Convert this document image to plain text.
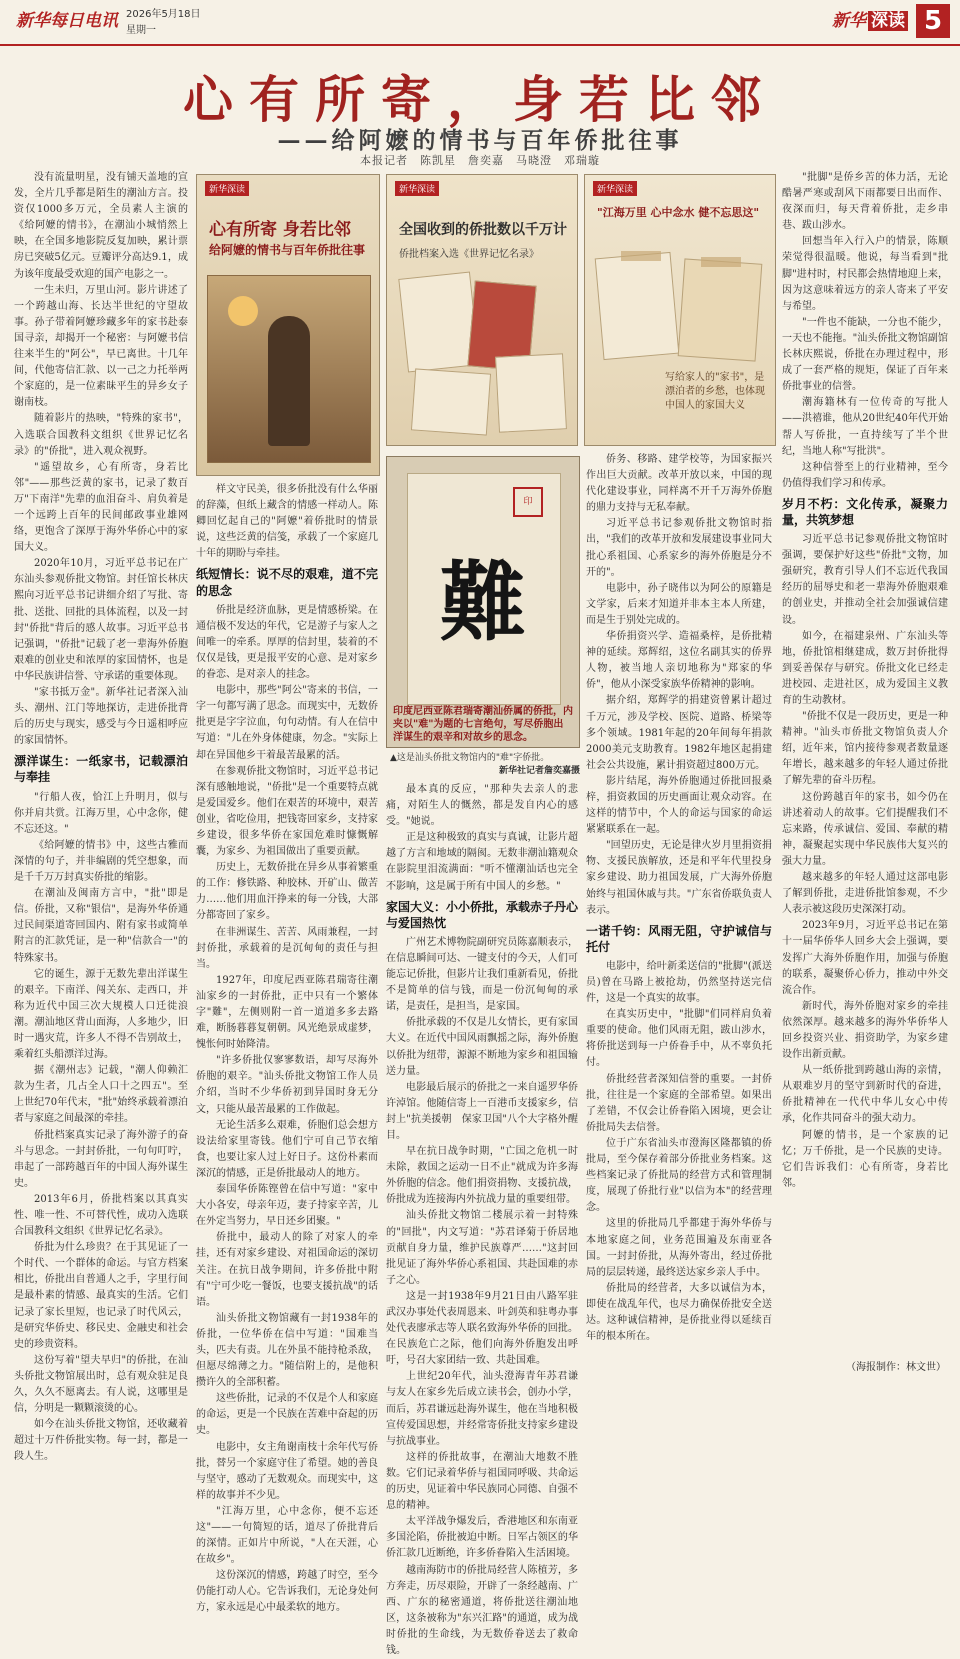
新华每日电讯 2026年5月18日
星期一	新华 深读 5
心有所寄，身若比邻
——给阿嬷的情书与百年侨批往事
本报记者　陈凯星　詹奕嘉　马晓澄　邓瑞璇

没有流量明星，没有铺天盖地的宣发，全片几乎都是陌生的潮汕方言。投资仅1000多万元，全员素人主演的《给阿嬷的情书》，在潮汕小城悄然上映，在全国多地影院反复加映，累计票房已突破5亿元。豆瓣评分高达9.1，成为该年度最受欢迎的国产电影之一。

一生未归，万里山河。影片讲述了一个跨越山海、长达半世纪的守望故事。孙子带着阿嬷珍藏多年的家书赴泰国寻亲，却揭开一个秘密：与阿嬷书信往来半生的"阿公"，早已离世。十几年间，代他寄信汇款、以一己之力托举两个家庭的，是一位素昧平生的异乡女子谢南枝。

随着影片的热映，"特殊的家书"，入选联合国教科文组织《世界记忆名录》的"侨批"，进入观众视野。

"遥望故乡，心有所寄，身若比邻"——那些泛黄的家书，记录了数百万"下南洋"先辈的血泪奋斗、肩负着是一个远跨上百年的民间邮政事业雄网络，更饱含了深厚于海外华侨心中的家国大义。

2020年10月，习近平总书记在广东汕头参观侨批文物馆。封任馆长林庆熙向习近平总书记讲细介绍了写批、寄批、送批、回批的具体流程，以及一封封"侨批"背后的感人故事。习近平总书记强调，"侨批"记载了老一辈海外侨胞艰难的创业史和浓厚的家国情怀，也是中华民族讲信誉、守承诺的重要体现。

"家书抵万金"。新华社记者深入汕头、潮州、江门等地探访，走进侨批背后的历史与现实，感受与今日遥相呼应的家国情怀。

漂洋谋生：一纸家书，记载漂泊与奉挂

"行船人夜，恰江上升明月，似与你并肩共赏。江海万里，心中念你，健不忘还这。"

《给阿嬷的情书》中，这些古雅而深情的句子，并非编剧的凭空想象，而是千千万万封真实侨批的缩影。

在潮汕及闽南方言中，"批"即是信。侨批，又称"银信"，是海外华侨通过民间渠道寄回国内、附有家书或简单附言的汇款凭证，是一种"信款合一"的特殊家书。

它的诞生，源于无数先辈出洋谋生的艰辛。下南洋、闯关东、走西口，并称为近代中国三次大规模人口迁徙浪潮。潮汕地区背山面海，人多地少，旧时一遇灾荒，许多人不得不告别故土，乘着红头船漂洋过海。

据《潮州志》记载，"潮人仰赖汇款为生者，几占全人口十之四五"。至上世纪70年代末，"批"始终承载着漂泊者与家庭之间最深的牵挂。

侨批档案真实记录了海外游子的奋斗与思念。一封封侨批，一句句叮咛，串起了一部跨越百年的中国人海外谋生史。

2013年6月，侨批档案以其真实性、唯一性、不可替代性，成功入选联合国教科文组织《世界记忆名录》。

侨批为什么珍贵？在于其见证了一个时代、一个群体的命运。与官方档案相比，侨批出自普通人之手，字里行间是最朴素的情感、最真实的生活。它们记录了家长里短，也记录了时代风云，是研究华侨史、移民史、金融史和社会史的珍贵资料。

这份写着"望夫早归"的侨批，在汕头侨批文物馆展出时，总有观众驻足良久，久久不愿离去。有人说，这哪里是信，分明是一颗颗滚烫的心。

如今在汕头侨批文物馆，还收藏着超过十万件侨批实物。每一封，都是一段人生。

新华深读
心有所寄 身若比邻
给阿嬷的情书与百年侨批往事

样文守民美，很多侨批没有什么华丽的辞藻，但纸上藏含的情感一样动人。陈卿回忆起自己的"阿嬷"着侨批时的情景说，这些泛黄的信笺，承载了一个家庭几十年的期盼与牵挂。

纸短情长：说不尽的艰难，道不完的思念

侨批是经济血脉，更是情感桥梁。在通信极不发达的年代，它是游子与家人之间唯一的牵系。厚厚的信封里，装着的不仅仅是钱，更是报平安的心意、是对家乡的眷恋、是对亲人的挂念。

电影中，那些"阿公"寄来的书信，一字一句都写满了思念。而现实中，无数侨批更是字字泣血，句句动情。有人在信中写道："儿在外身体健康，勿念。"实际上却在异国他乡干着最苦最累的活。

在参观侨批文物馆时，习近平总书记深有感触地说，"侨批"是一个重要特点就是爱国爱乡。他们在艰苦的环境中，艰苦创业，省吃俭用，把钱寄回家乡，支持家乡建设，很多华侨在家国危难时慷慨解囊，为家乡、为祖国做出了重要贡献。

历史上，无数侨批在异乡从事着繁重的工作：修铁路、种胶林、开矿山、做苦力……他们用血汗挣来的每一分钱，大部分都寄回了家乡。

在非洲谋生、苦苦、风雨兼程，一封封侨批，承载着的是沉甸甸的责任与担当。

1927年，印度尼西亚陈君瑞寄往潮汕家乡的一封侨批，正中只有一个繁体字"難"，左侧则附一首一道道多多去路难，断肠暮暮复朝朝。风光绝景成虚梦，愧怅何时始降清。

"许多侨批仅寥寥数语，却写尽海外侨胞的艰辛。"汕头侨批文物馆工作人员介绍，当时不少华侨初到异国时身无分文，只能从最苦最累的工作做起。

无论生活多么艰难，侨胞们总会想方设法给家里寄钱。他们宁可自己节衣缩食，也要让家人过上好日子。这份朴素而深沉的情感，正是侨批最动人的地方。

泰国华侨陈铿曾在信中写道："家中大小各安，母亲年迈，妻子持家辛苦，儿在外定当努力，早日还乡团聚。"

侨批中，最动人的除了对家人的牵挂，还有对家乡建设、对祖国命运的深切关注。在抗日战争期间，许多侨批中附有"宁可少吃一餐饭，也要支援抗战"的话语。

汕头侨批文物馆藏有一封1938年的侨批，一位华侨在信中写道："国难当头，匹夫有责。儿在外虽不能持枪杀敌，但愿尽绵薄之力。"随信附上的，是他积攒许久的全部积蓄。

这些侨批，记录的不仅是个人和家庭的命运，更是一个民族在苦难中奋起的历史。

电影中，女主角谢南枝十余年代写侨批，替另一个家庭守住了希望。她的善良与坚守，感动了无数观众。而现实中，这样的故事并不少见。

"江海万里，心中念你，便不忘还这"——一句简短的话，道尽了侨批背后的深情。正如片中所说，"人在天涯，心在故乡"。

这份深沉的情感，跨越了时空，至今仍能打动人心。它告诉我们，无论身处何方，家永远是心中最柔软的地方。

新华深读
全国收到的侨批数以千万计
侨批档案入选《世界记忆名录》
新华深读
"江海万里 心中念水 健不忘思这"
写给家人的"家书"，是漂泊者的乡愁，也体现中国人的家国大义
印
難
印度尼西亚陈君瑞寄潮汕侨属的侨批，内夹以"难"为题的七言绝句，写尽侨胞出洋谋生的艰辛和对故乡的思念。
▲这是汕头侨批文物馆内的"难"字侨批。
新华社记者詹奕嘉摄

最本真的反应，"那种失去亲人的悲痛，对陌生人的慨然，都是发自内心的感受。"她说。

正是这种极致的真实与真诚，让影片超越了方言和地域的隔阂。无数非潮汕籍观众在影院里泪流满面："听不懂潮汕话也完全不影响，这是属于所有中国人的乡愁。"

家国大义：小小侨批，承载赤子丹心与爱国热忱

广州艺术博物院副研究员陈嘉顺表示，在信息瞬间可达、一键支付的今天，人们可能忘记侨批，但影片让我们重新看见，侨批不是简单的信与钱，而是一份沉甸甸的承诺，是责任，是担当，是家国。

侨批承载的不仅是儿女情长，更有家国大义。在近代中国风雨飘摇之际，海外侨胞以侨批为纽带，源源不断地为家乡和祖国输送力量。

电影最后展示的侨批之一来自遥罗华侨许淖馆。他随信寄上一百港币支援家乡，信封上"抗美援朝　保家卫国"八个大字格外醒目。

早在抗日战争时期，"亡国之危机一时未除，救国之运动一日不止"就成为许多海外侨胞的信念。他们捐资捐物、支援抗战，侨批成为连接海内外抗战力量的重要纽带。

汕头侨批文物馆二楼展示着一封特殊的"回批"，内文写道："苏君译菊于侨居地贡献自身力量，维护民族尊严……"这封回批见证了海外华侨心系祖国、共赴国难的赤子之心。

这是一封1938年9月21日由八路军驻武汉办事处代表周恩来、叶剑英和驻粤办事处代表廖承志等人联名致海外华侨的回批。在民族危亡之际，他们向海外侨胞发出呼吁，号召大家团结一致、共赴国难。

上世纪20年代，汕头澄海青年苏君谦与友人在家乡先后成立读书会，创办小学，而后，苏君谦远赴海外谋生，他在当地积极宣传爱国思想，并经常寄侨批支持家乡建设与抗战事业。

这样的侨批故事，在潮汕大地数不胜数。它们记录着华侨与祖国同呼吸、共命运的历史，见证着中华民族同心同德、自强不息的精神。

太平洋战争爆发后，香港地区和东南亚多国沦陷，侨批被迫中断。日军占领区的华侨汇款几近断绝，许多侨眷陷入生活困境。

越南海防市的侨批局经营人陈植芳，多方奔走，历尽艰险，开辟了一条经越南、广西、广东的秘密通道，将侨批送往潮汕地区，这条被称为"东兴汇路"的通道，成为战时侨批的生命线，为无数侨眷送去了救命钱。

侨务、移路、建学校等，为国家振兴作出巨大贡献。改革开放以来，中国的现代化建设事业，同样离不开千万海外侨胞的鼎力支持与无私奉献。

习近平总书记参观侨批文物馆时指出，"我们的改革开放和发展建设事业同大批心系祖国、心系家乡的海外侨胞是分不开的"。

电影中，孙子晓伟以为阿公的原籍是文学家，后来才知道并非本主本人所建，而是生于别处完成的。

华侨捐资兴学、造福桑梓，是侨批精神的延续。郑辉绍，这位名副其实的侨界人物，被当地人亲切地称为"郑家的华侨"，他从小深受家族华侨精神的影响。

据介绍，郑辉学的捐建资曾累计超过千万元，涉及学校、医院、道路、桥梁等多个领域。1981年起的20年间每年捐款2000美元支助教育。1982年地区起捐建社会公共设施，累计捐资超过800万元。

影片结尾，海外侨胞通过侨批回报桑梓，捐资救国的历史画面让观众动容。在这样的情节中，个人的命运与国家的命运紧紧联系在一起。

"回望历史，无论是律火岁月里捐资捐物、支援民族解放，还是和平年代里投身家乡建设、助力祖国发展，广大海外侨胞始终与祖国休戚与共。"广东省侨联负责人表示。

一诺千钧：风雨无阻，守护诚信与托付

电影中，给叶新柔送信的"批脚"(派送员)曾在马路上被抢劫，仍然坚持送完信件，这是一个真实的故事。

在真实历史中，"批脚"们同样肩负着重要的使命。他们风雨无阻，跋山涉水，将侨批送到每一户侨眷手中，从不辜负托付。

侨批经营者深知信誉的重要。一封侨批，往往是一个家庭的全部希望。如果出了差错，不仅会让侨眷陷入困境，更会让侨批局失去信誉。

位于广东省汕头市澄海区隆都镇的侨批局，至今保存着部分侨批业务档案。这些档案记录了侨批局的经营方式和管理制度，展现了侨批行业"以信为本"的经营理念。

这里的侨批局几乎都建于海外华侨与本地家庭之间，业务范围遍及东南亚各国。一封封侨批，从海外寄出，经过侨批局的层层转递，最终送达家乡亲人手中。

侨批局的经营者，大多以诚信为本，即使在战乱年代，也尽力确保侨批安全送达。这种诚信精神，是侨批业得以延续百年的根本所在。

"批脚"是侨乡苦的体力活，无论酷暑严寒或刮风下雨都要日出而作、夜深而归，每天背着侨批，走乡串巷、跋山涉水。

回想当年入行入户的情景，陈顺荣觉得很温暖。他说，每当看到"批脚"进村时，村民都会热情地迎上来，因为这意味着远方的亲人寄来了平安与希望。

"一件也不能缺，一分也不能少，一天也不能拖。"汕头侨批文物馆副馆长林庆熙说，侨批在办理过程中，形成了一套严格的规矩，保证了百年来侨批事业的信誉。

潮海籍林有一位传奇的写批人——洪禧谁，他从20世纪40年代开始帮人写侨批，一直持续写了半个世纪，当地人称"写批洪"。

这种信誉至上的行业精神，至今仍值得我们学习和传承。

岁月不朽：文化传承，凝聚力量，共筑梦想

习近平总书记参观侨批文物馆时强调，要保护好这些"侨批"文物，加强研究，教育引导人们不忘近代我国经历的屈辱史和老一辈海外侨胞艰难的创业史，并推动全社会加强诚信建设。

如今，在福建泉州、广东汕头等地，侨批馆相继建成，数万封侨批得到妥善保存与研究。侨批文化已经走进校园、走进社区，成为爱国主义教育的生动教材。

"侨批不仅是一段历史，更是一种精神。"汕头市侨批文物馆负责人介绍，近年来，馆内接待参观者数量逐年增长，越来越多的年轻人通过侨批了解先辈的奋斗历程。

这份跨越百年的家书，如今仍在讲述着动人的故事。它们提醒我们不忘来路，传承诚信、爱国、奉献的精神，凝聚起实现中华民族伟大复兴的强大力量。

越来越多的年轻人通过这部电影了解到侨批，走进侨批馆参观，不少人表示被这段历史深深打动。

2023年9月，习近平总书记在第十一届华侨华人回乡大会上强调，要发挥广大海外侨胞作用，加强与侨胞的联系，凝聚侨心侨力，推动中外交流合作。

新时代，海外侨胞对家乡的牵挂依然深厚。越来越多的海外华侨华人回乡投资兴业、捐资助学，为家乡建设作出新贡献。

从一纸侨批到跨越山海的亲情，从艰难岁月的坚守到新时代的奋进，侨批精神在一代代中华儿女心中传承，化作共同奋斗的强大动力。

阿嬷的情书，是一个家族的记忆；万千侨批，是一个民族的史诗。它们告诉我们：心有所寄，身若比邻。

（海报制作：林文世）
